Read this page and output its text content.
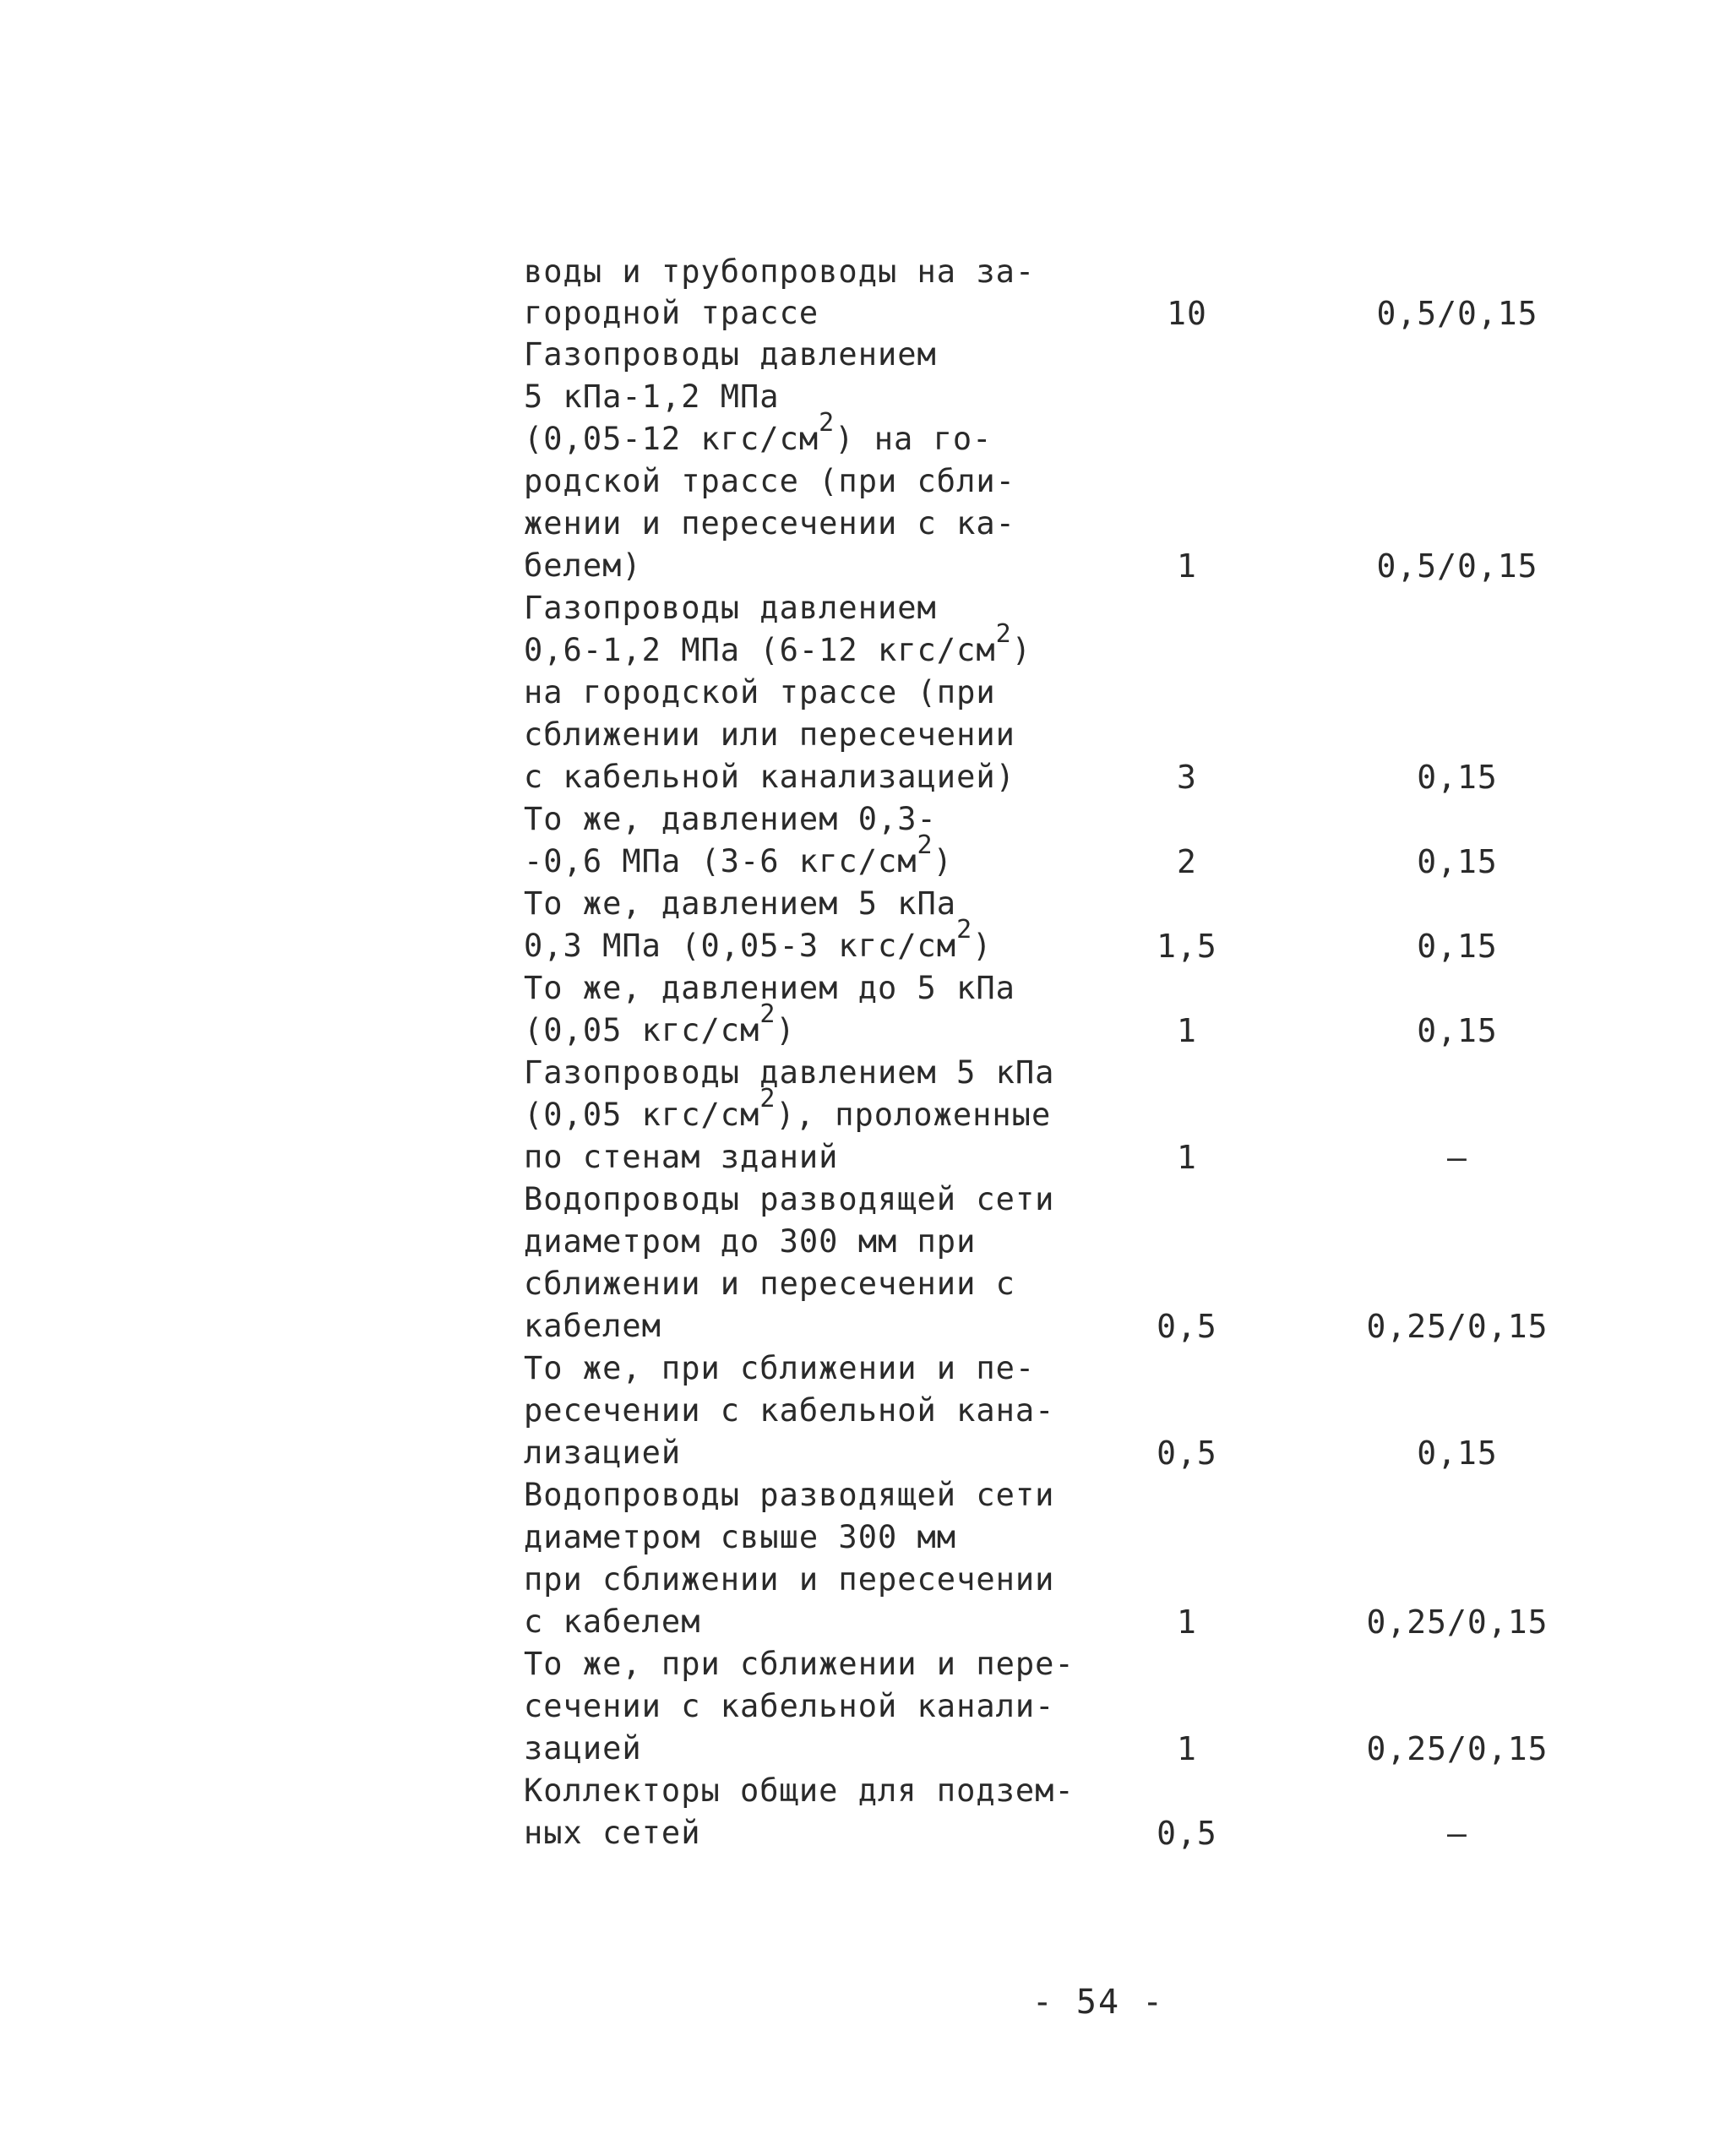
воды и трубопроводы на за-
городной трассе	10	0,5/0,15
Газопроводы давлением
5 кПа-1,2 МПа
(0,05-12 кгс/$см^2$) на го-
родской трассе (при сбли-
жении и пересечении с ка-
белем)	1	0,5/0,15
Газопроводы давлением
0,6-1,2 МПа (6-12 кгс/$см^2$)
на городской трассе (при
сближении или пересечении
с кабельной канализацией)	3	0,15
То же, давлением 0,3-
-0,6 МПа (3-6 кгс/$см^2$)	2	0,15
То же, давлением 5 кПа
0,3 МПа (0,05-3 кгс/$см^2$)	1,5	0,15
То же, давлением до 5 кПа
(0,05 кгс/$см^2$)	1	0,15
Газопроводы давлением 5 кПа
(0,05 кгс/$см^2$), проложенные
по стенам зданий	1	–
Водопроводы разводящей сети
диаметром до 300 мм при
сближении и пересечении с
кабелем	0,5	0,25/0,15
То же, при сближении и пе-
ресечении с кабельной кана-
лизацией	0,5	0,15
Водопроводы разводящей сети
диаметром свыше 300 мм
при сближении и пересечении
с кабелем	1	0,25/0,15
То же, при сближении и пере-
сечении с кабельной канали-
зацией	1	0,25/0,15
Коллекторы общие для подзем-
ных сетей	0,5	–
- 54 -
